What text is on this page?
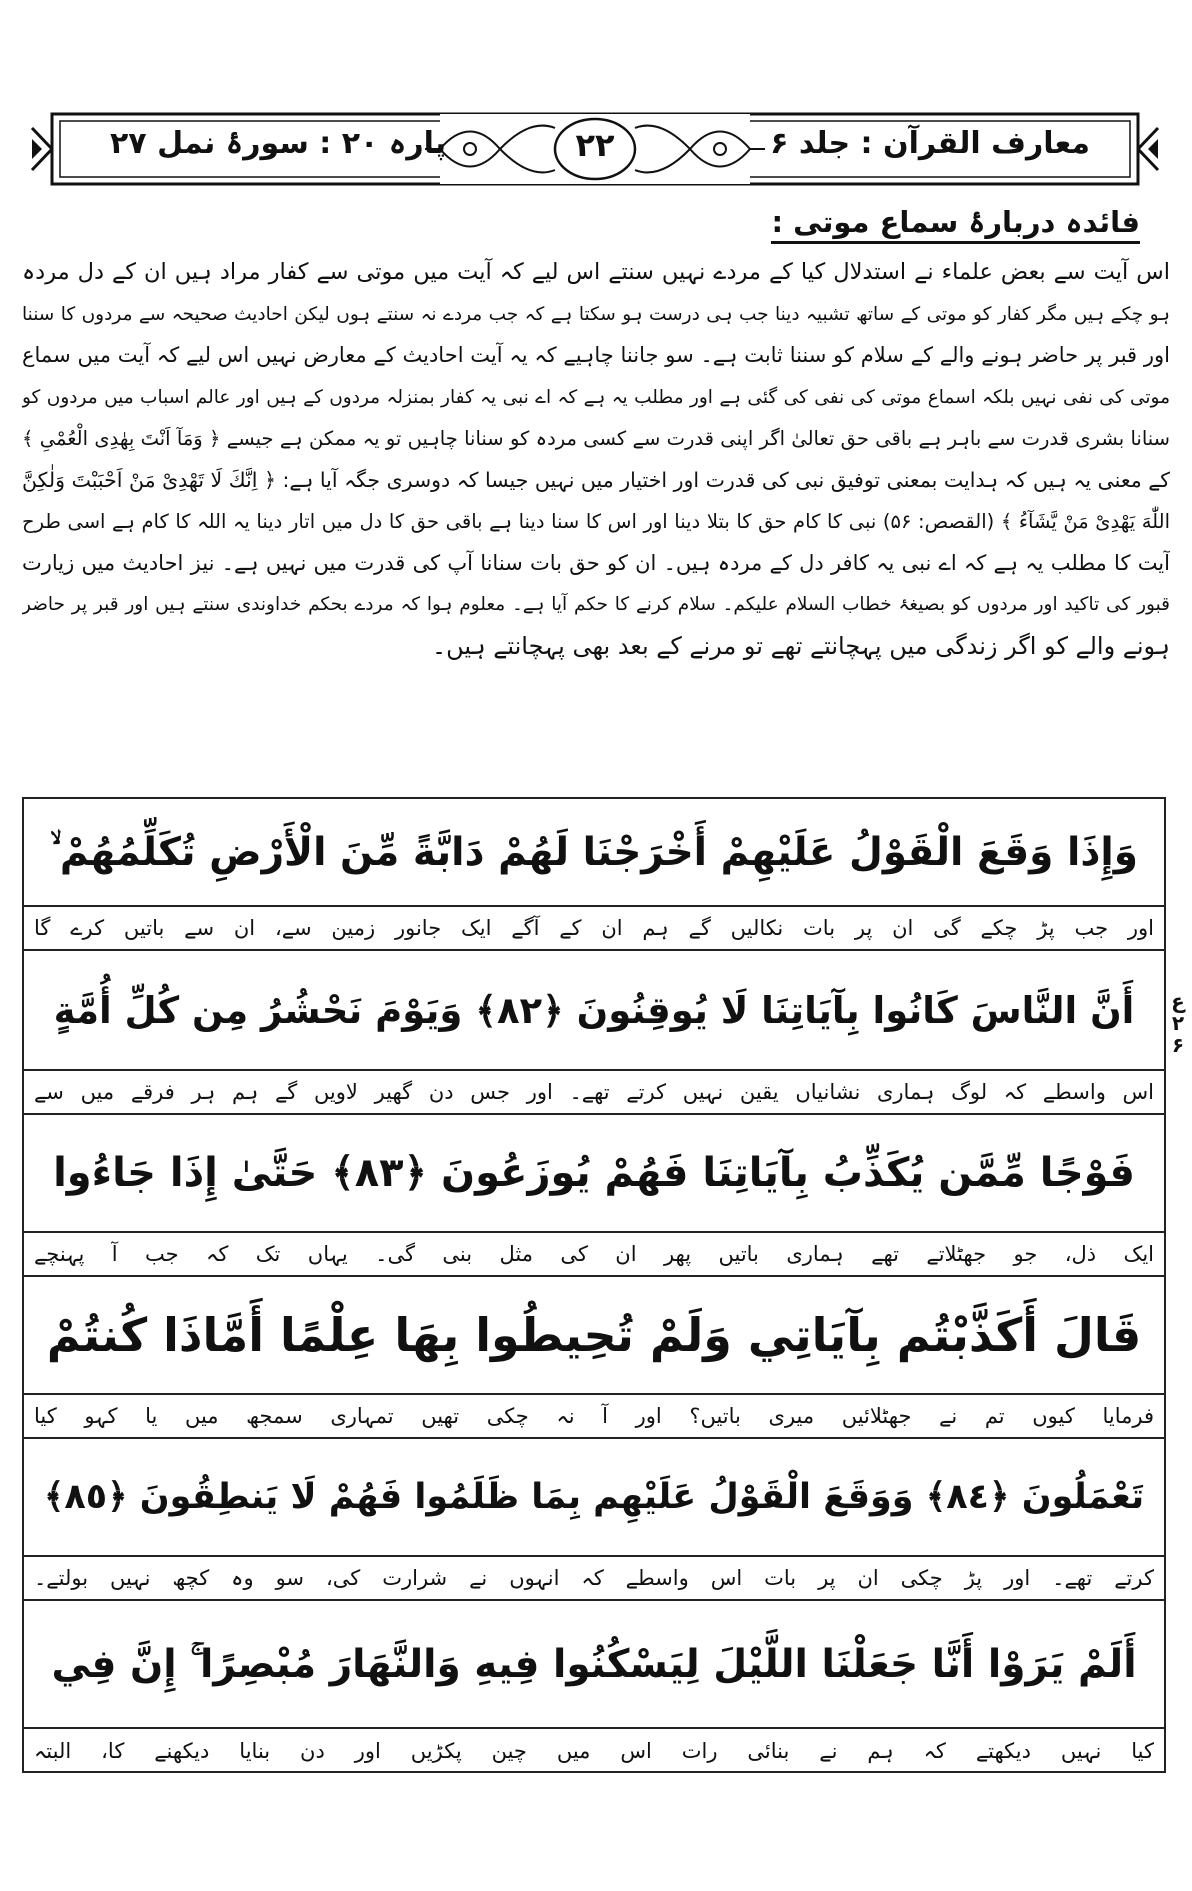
معارف القرآن : جلد ۶
۲۲
پارہ ۲۰ : سورۂ نمل ۲۷
فائدہ دربارۂ سماع موتی :
اس آیت سے بعض علماء نے استدلال کیا کے مردے نہیں سنتے اس لیے کہ آیت میں موتی سے کفار مراد ہیں ان کے دل مردہ
ہو چکے ہیں مگر کفار کو موتی کے ساتھ تشبیہ دینا جب ہی درست ہو سکتا ہے کہ جب مردے نہ سنتے ہوں لیکن احادیث صحیحہ سے مردوں کا سننا
اور قبر پر حاضر ہونے والے کے سلام کو سننا ثابت ہے۔ سو جاننا چاہیے کہ یہ آیت احادیث کے معارض نہیں اس لیے کہ آیت میں سماع
موتی کی نفی نہیں بلکہ اسماع موتی کی نفی کی گئی ہے اور مطلب یہ ہے کہ اے نبی یہ کفار بمنزلہ مردوں کے ہیں اور عالم اسباب میں مردوں کو
سنانا بشری قدرت سے باہر ہے باقی حق تعالیٰ اگر اپنی قدرت سے کسی مردہ کو سنانا چاہیں تو یہ ممکن ہے جیسے ﴿ وَمَآ اَنْتَ بِهٰدِی الْعُمْیِ ﴾
کے معنی یہ ہیں کہ ہدایت بمعنی توفیق نبی کی قدرت اور اختیار میں نہیں جیسا کہ دوسری جگہ آیا ہے: ﴿ اِنَّكَ لَا تَهْدِیْ مَنْ اَحْبَبْتَ وَلٰكِنَّ
اللّٰهَ یَهْدِیْ مَنْ یَّشَآءُ ﴾ (القصص: ۵۶) نبی کا کام حق کا بتلا دینا اور اس کا سنا دینا ہے باقی حق کا دل میں اتار دینا یہ اللہ کا کام ہے اسی طرح
آیت کا مطلب یہ ہے کہ اے نبی یہ کافر دل کے مردہ ہیں۔ ان کو حق بات سنانا آپ کی قدرت میں نہیں ہے۔ نیز احادیث میں زیارت
قبور کی تاکید اور مردوں کو بصیغۂ خطاب السلام علیکم۔ سلام کرنے کا حکم آیا ہے۔ معلوم ہوا کہ مردے بحکم خداوندی سنتے ہیں اور قبر پر حاضر
ہونے والے کو اگر زندگی میں پہچانتے تھے تو مرنے کے بعد بھی پہچانتے ہیں۔
وَإِذَا وَقَعَ الْقَوْلُ عَلَيْهِمْ أَخْرَجْنَا لَهُمْ دَابَّةً مِّنَ الْأَرْضِ تُكَلِّمُهُمْ ۙ
اور جب پڑ چکے گی ان پر بات نکالیں گے ہم ان کے آگے ایک جانور زمین سے، ان سے باتیں کرے گا
أَنَّ النَّاسَ كَانُوا بِآيَاتِنَا لَا يُوقِنُونَ ﴿٨٢﴾ وَيَوْمَ نَحْشُرُ مِن كُلِّ أُمَّةٍ
اس واسطے کہ لوگ ہماری نشانیاں یقین نہیں کرتے تھے۔ اور جس دن گھیر لاویں گے ہم ہر فرقے میں سے
فَوْجًا مِّمَّن يُكَذِّبُ بِآيَاتِنَا فَهُمْ يُوزَعُونَ ﴿٨٣﴾ حَتَّىٰ إِذَا جَاءُوا
ایک ذل، جو جھٹلاتے تھے ہماری باتیں پھر ان کی مثل بنی گی۔ یہاں تک کہ جب آ پہنچے
قَالَ أَكَذَّبْتُم بِآيَاتِي وَلَمْ تُحِيطُوا بِهَا عِلْمًا أَمَّاذَا كُنتُمْ
فرمایا کیوں تم نے جھٹلائیں میری باتیں؟ اور آ نہ چکی تھیں تمہاری سمجھ میں یا کہو کیا
تَعْمَلُونَ ﴿٨٤﴾ وَوَقَعَ الْقَوْلُ عَلَيْهِم بِمَا ظَلَمُوا فَهُمْ لَا يَنطِقُونَ ﴿٨٥﴾
کرتے تھے۔ اور پڑ چکی ان پر بات اس واسطے کہ انہوں نے شرارت کی، سو وہ کچھ نہیں بولتے۔
أَلَمْ يَرَوْا أَنَّا جَعَلْنَا اللَّيْلَ لِيَسْكُنُوا فِيهِ وَالنَّهَارَ مُبْصِرًا ۚ إِنَّ فِي
کیا نہیں دیکھتے کہ ہم نے بنائی رات اس میں چین پکڑیں اور دن بنایا دیکھنے کا، البتہ
ع ۲ ۶
